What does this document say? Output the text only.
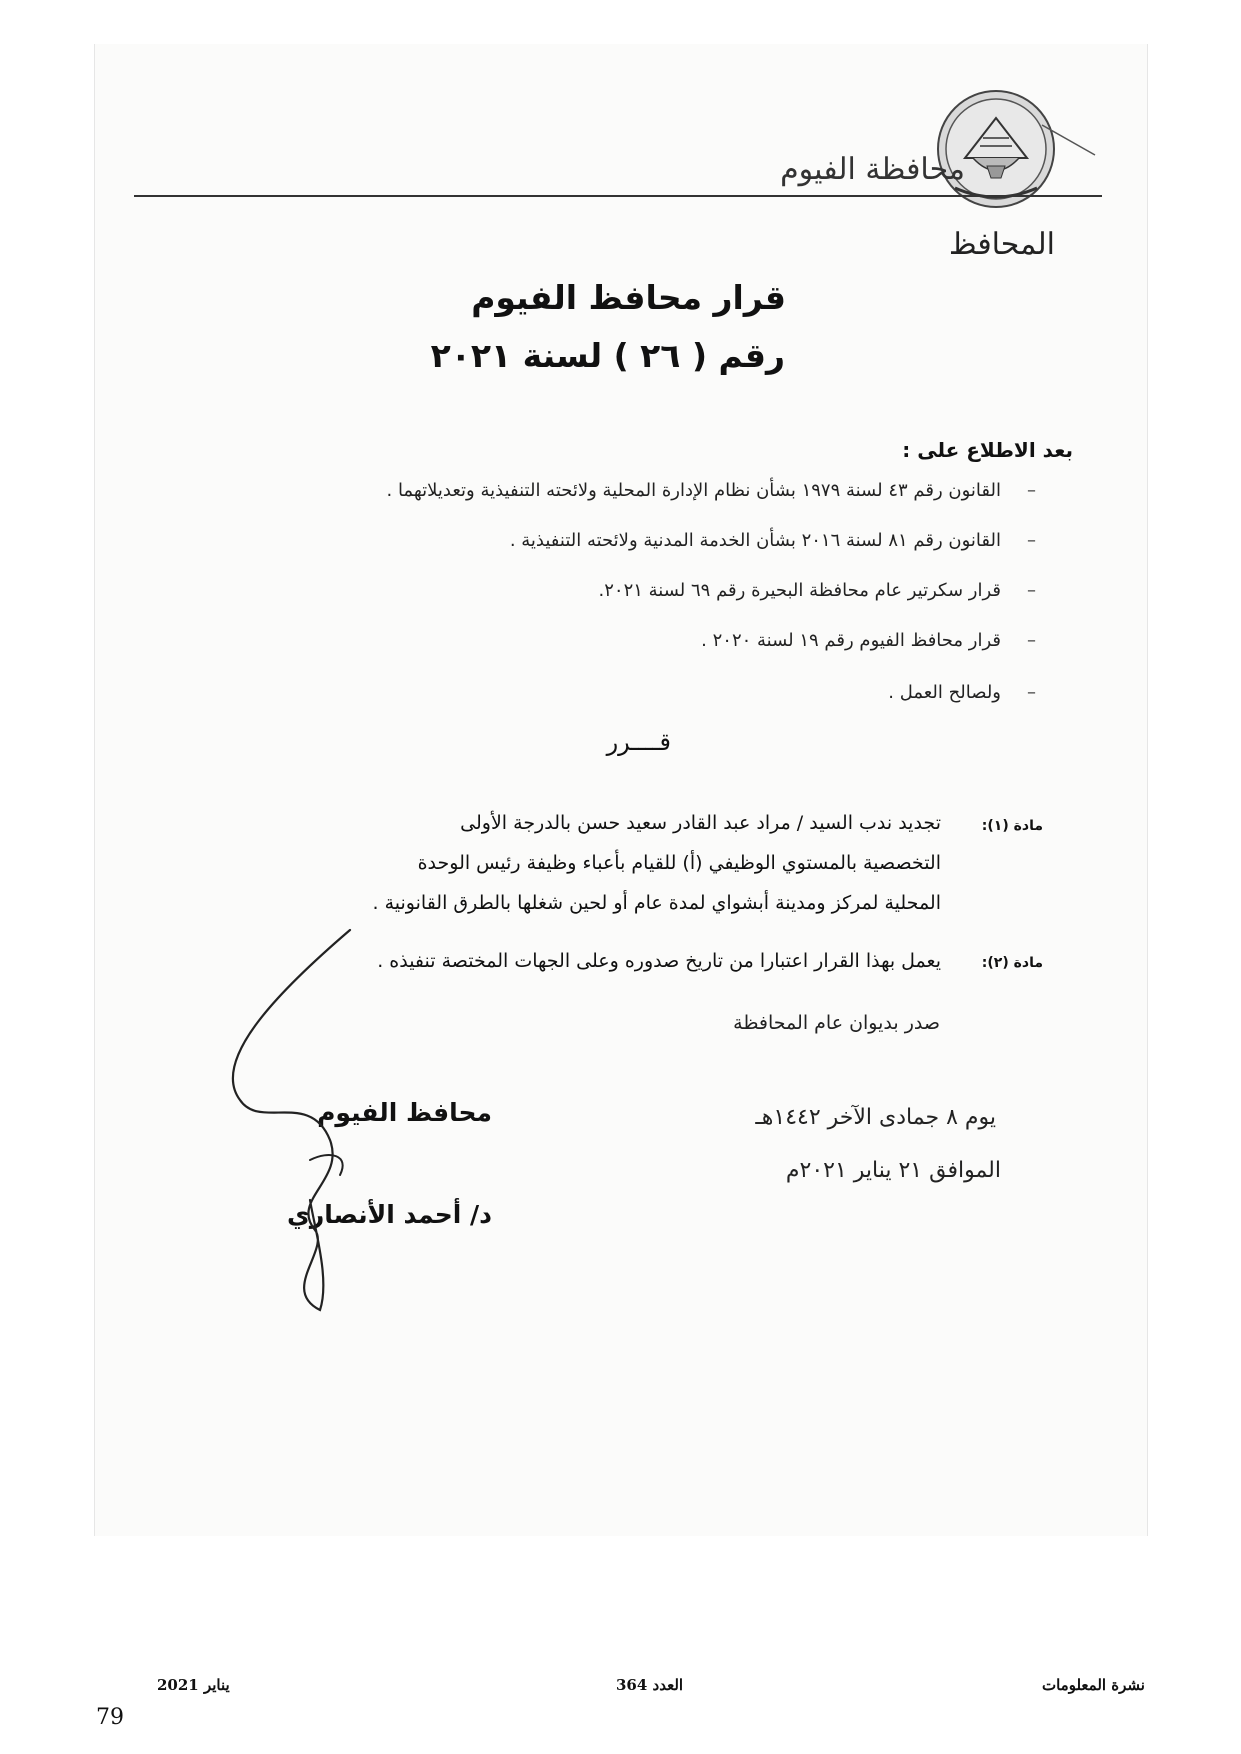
محافظة الفيوم
المحافظ
قرار محافظ الفيوم
رقم ( ٢٦ ) لسنة ٢٠٢١
بعد الاطلاع على :
القانون رقم ٤٣ لسنة ١٩٧٩ بشأن نظام الإدارة المحلية ولائحته التنفيذية وتعديلاتهما . –
القانون رقم ٨١ لسنة ٢٠١٦ بشأن الخدمة المدنية ولائحته التنفيذية . –
قرار سكرتير عام محافظة البحيرة رقم ٦٩ لسنة ٢٠٢١. –
قرار محافظ الفيوم رقم ١٩ لسنة ٢٠٢٠ . –
ولصالح العمل . –
قــــرر
مادة (١):
تجديد ندب السيد / مراد عبد القادر سعيد حسن بالدرجة الأولى
التخصصية بالمستوي الوظيفي (أ) للقيام بأعباء وظيفة رئيس الوحدة
المحلية لمركز ومدينة أبشواي لمدة عام أو لحين شغلها بالطرق القانونية .
مادة (٢):
يعمل بهذا القرار اعتبارا من تاريخ صدوره وعلى الجهات المختصة تنفيذه .
صدر بديوان عام المحافظة
يوم ٨ جمادى الآخر ١٤٤٢هـ
الموافق ٢١ يناير ٢٠٢١م
محافظ الفيوم
د/ أحمد الأنصاري
يناير 2021	العدد 364	نشرة المعلومات
79
